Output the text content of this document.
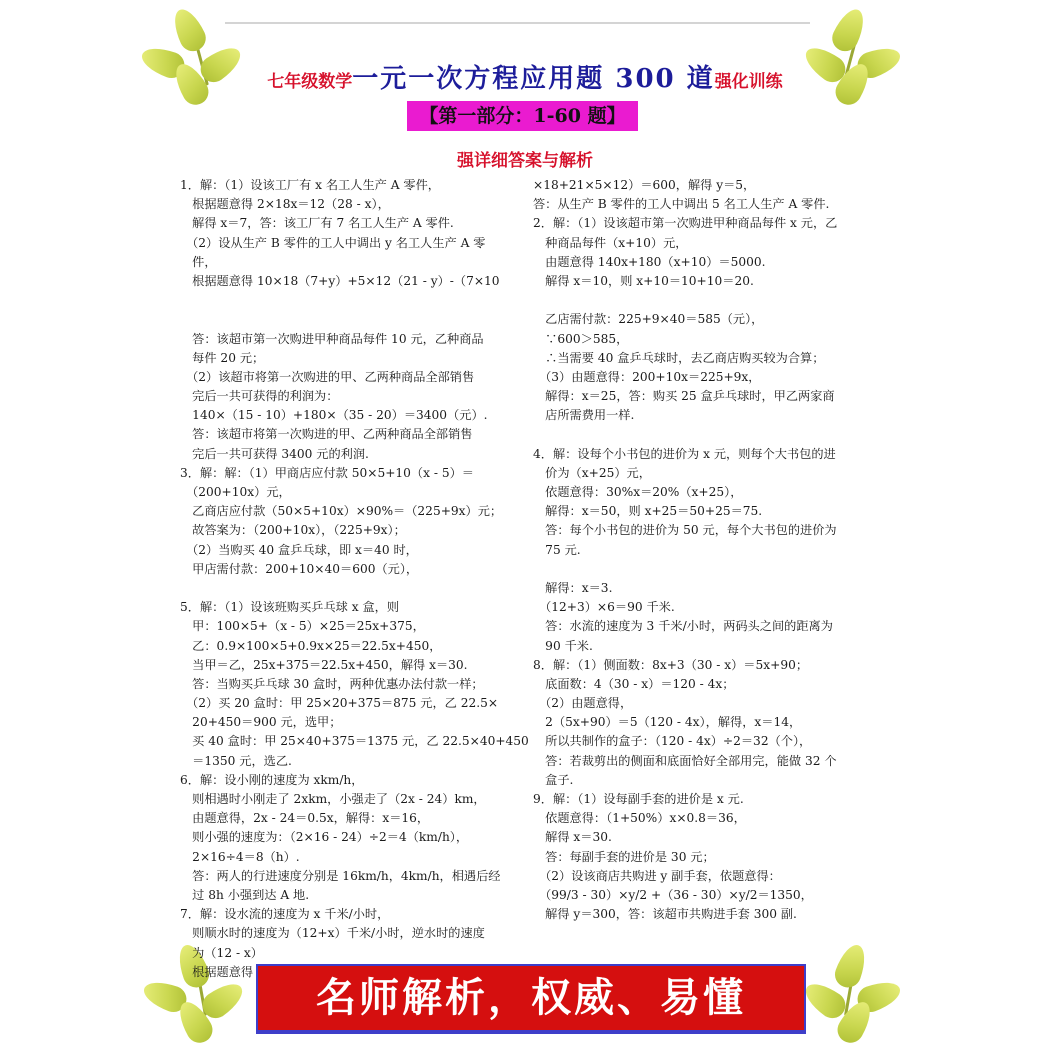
七年级数学一元一次方程应用题 300 道强化训练
【第一部分：1-60 题】
强详细答案与解析
1．解：（1）设该工厂有 x 名工人生产 A 零件，
　根据题意得 2×18x＝12（28 - x），
　解得 x＝7，答：该工厂有 7 名工人生产 A 零件.
　（2）设从生产 B 零件的工人中调出 y 名工人生产 A 零
　件，
　根据题意得 10×18（7+y）+5×12（21 - y）-（7×10
　答：该超市第一次购进甲种商品每件 10 元，乙种商品
　每件 20 元；
　（2）该超市将第一次购进的甲、乙两种商品全部销售
　完后一共可获得的利润为：
　140×（15 - 10）+180×（35 - 20）＝3400（元）.
　答：该超市将第一次购进的甲、乙两种商品全部销售
　完后一共可获得 3400 元的利润.
3．解：解：（1）甲商店应付款 50×5+10（x - 5）＝
　（200+10x）元，
　乙商店应付款（50×5+10x）×90%＝（225+9x）元；
　故答案为：（200+10x），（225+9x）；
　（2）当购买 40 盒乒乓球，即 x＝40 时，
　甲店需付款：200+10×40＝600（元），
5．解：（1）设该班购买乒乓球 x 盒，则
　甲：100×5+（x - 5）×25＝25x+375，
　乙：0.9×100×5+0.9x×25＝22.5x+450，
　当甲＝乙，25x+375＝22.5x+450，解得 x＝30.
　答：当购买乒乓球 30 盒时，两种优惠办法付款一样；
　（2）买 20 盒时：甲 25×20+375＝875 元，乙 22.5×
　20+450＝900 元，选甲；
　买 40 盒时：甲 25×40+375＝1375 元，乙 22.5×40+450
　＝1350 元，选乙.
6．解：设小刚的速度为 xkm/h，
　则相遇时小刚走了 2xkm，小强走了（2x - 24）km，
　由题意得，2x - 24＝0.5x，解得：x＝16，
　则小强的速度为：（2×16 - 24）÷2＝4（km/h），
　2×16÷4＝8（h）.
　答：两人的行进速度分别是 16km/h，4km/h，相遇后经
　过 8h 小强到达 A 地.
7．解：设水流的速度为 x 千米/小时，
　则顺水时的速度为（12+x）千米/小时，逆水时的速度
　为（12 - x）
　根据题意得
×18+21×5×12）＝600，解得 y＝5，
答：从生产 B 零件的工人中调出 5 名工人生产 A 零件.
2．解：（1）设该超市第一次购进甲种商品每件 x 元，乙
　种商品每件（x+10）元，
　由题意得 140x+180（x+10）＝5000.
　解得 x＝10，则 x+10＝10+10＝20.
　乙店需付款：225+9×40＝585（元），
　∵600＞585，
　∴当需要 40 盒乒乓球时，去乙商店购买较为合算；
　（3）由题意得：200+10x＝225+9x，
　解得：x＝25，答：购买 25 盒乒乓球时，甲乙两家商
　店所需费用一样.
4．解：设每个小书包的进价为 x 元，则每个大书包的进
　价为（x+25）元，
　依题意得：30%x＝20%（x+25），
　解得：x＝50，则 x+25＝50+25＝75.
　答：每个小书包的进价为 50 元，每个大书包的进价为
　75 元.
　解得：x＝3.
　（12+3）×6＝90 千米.
　答：水流的速度为 3 千米/小时，两码头之间的距离为
　90 千米.
8．解：（1）侧面数：8x+3（30 - x）＝5x+90；
　底面数：4（30 - x）＝120 - 4x；
　（2）由题意得，
　2（5x+90）＝5（120 - 4x），解得，x＝14，
　所以共制作的盒子：（120 - 4x）÷2＝32（个），
　答：若裁剪出的侧面和底面恰好全部用完，能做 32 个
　盒子.
9．解：（1）设每副手套的进价是 x 元.
　依题意得：（1+50%）x×0.8＝36，
　解得 x＝30.
　答：每副手套的进价是 30 元；
　（2）设该商店共购进 y 副手套，依题意得：
　（99/3 - 30）×y/2 +（36 - 30）×y/2＝1350，
　解得 y＝300，答：该超市共购进手套 300 副.
名师解析，权威、易懂
